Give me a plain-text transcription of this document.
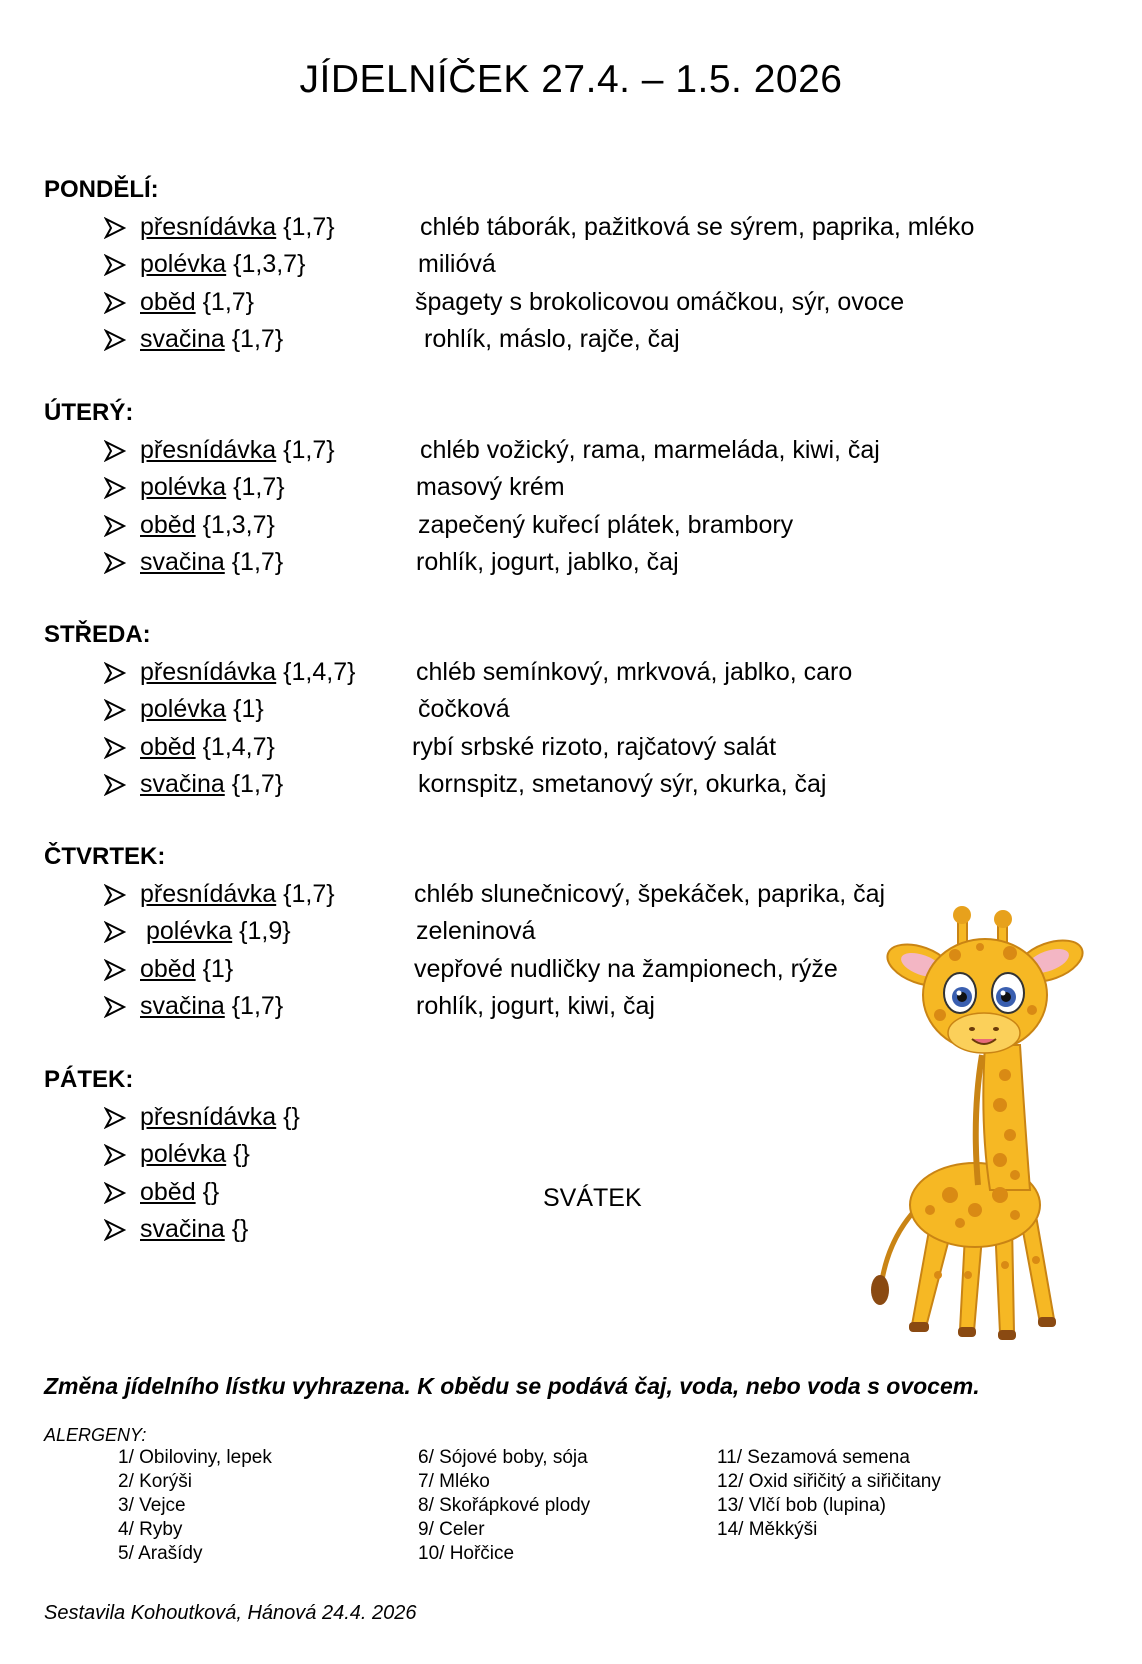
JÍDELNÍČEK 27.4. – 1.5. 2026
PONDĚLÍ:
přesnídávka {1,7}	chléb táborák, pažitková se sýrem, paprika, mléko
polévka {1,3,7}	milióvá
oběd {1,7}	špagety s brokolicovou omáčkou, sýr, ovoce
svačina {1,7}	rohlík, máslo, rajče, čaj
ÚTERÝ:
přesnídávka {1,7}	chléb vožický, rama, marmeláda, kiwi, čaj
polévka {1,7}	masový krém
oběd {1,3,7}	zapečený kuřecí plátek, brambory
svačina {1,7}	rohlík, jogurt, jablko, čaj
STŘEDA:
přesnídávka {1,4,7} chléb semínkový, mrkvová, jablko, caro
polévka {1}	čočková
oběd {1,4,7}	rybí srbské rizoto, rajčatový salát
svačina {1,7}	kornspitz, smetanový sýr, okurka, čaj
ČTVRTEK:
přesnídávka {1,7}	chléb slunečnicový, špekáček, paprika, čaj
polévka {1,9}	zeleninová
oběd {1}	vepřové nudličky na žampionech, rýže
svačina {1,7}	rohlík, jogurt, kiwi, čaj
PÁTEK:
přesnídávka {}
polévka {}
oběd {}
svačina {}
SVÁTEK
Změna jídelního lístku vyhrazena. K obědu se podává čaj, voda, nebo voda s ovocem.
ALERGENY:
1/ Obiloviny, lepek
2/ Korýši
3/ Vejce
4/ Ryby
5/ Arašídy
6/ Sójové boby, sója
7/ Mléko
8/ Skořápkové plody
9/ Celer
10/ Hořčice
11/ Sezamová semena
12/ Oxid siřičitý a siřičitany
13/ Vlčí bob (lupina)
14/ Měkkýši
Sestavila Kohoutková, Hánová 24.4. 2026
